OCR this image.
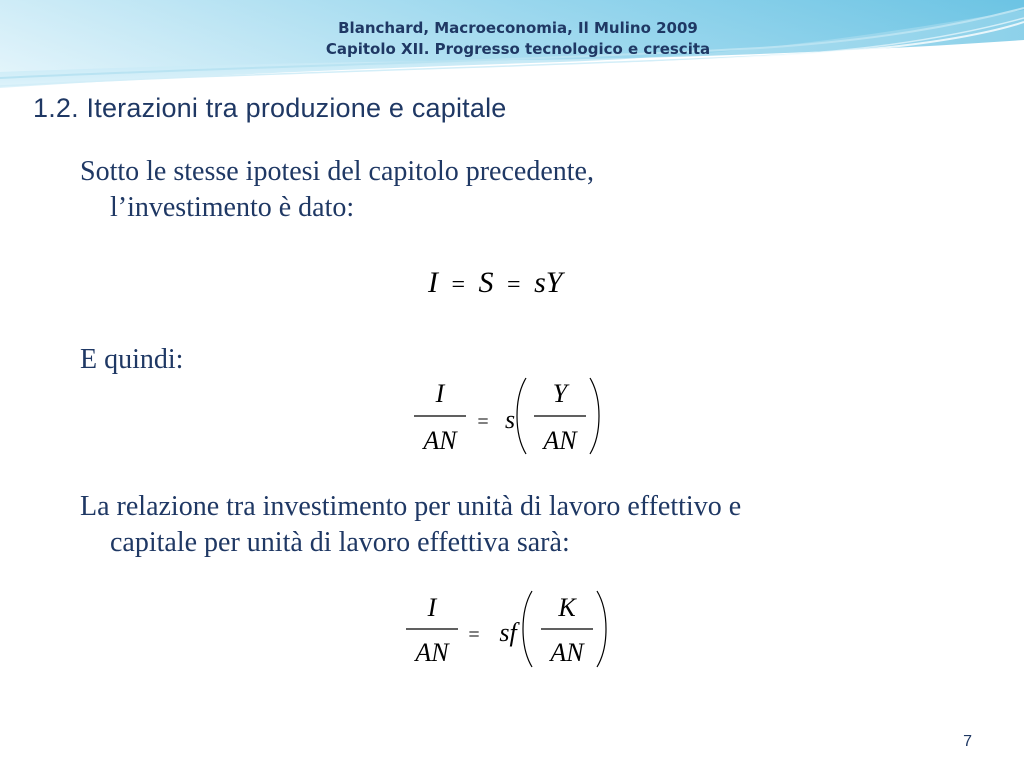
Blanchard, Macroeconomia, Il Mulino 2009
Capitolo XII. Progresso tecnologico e crescita
1.2. Iterazioni tra produzione e capitale
Sotto le stesse ipotesi del capitolo precedente,
l’investimento è dato:
I = S = sY
E quindi:
I
AN
= s
Y
AN
La relazione tra investimento per unità di lavoro effettivo e
capitale per unità di lavoro effettiva sarà:
I
AN
= sf
K
AN
7
